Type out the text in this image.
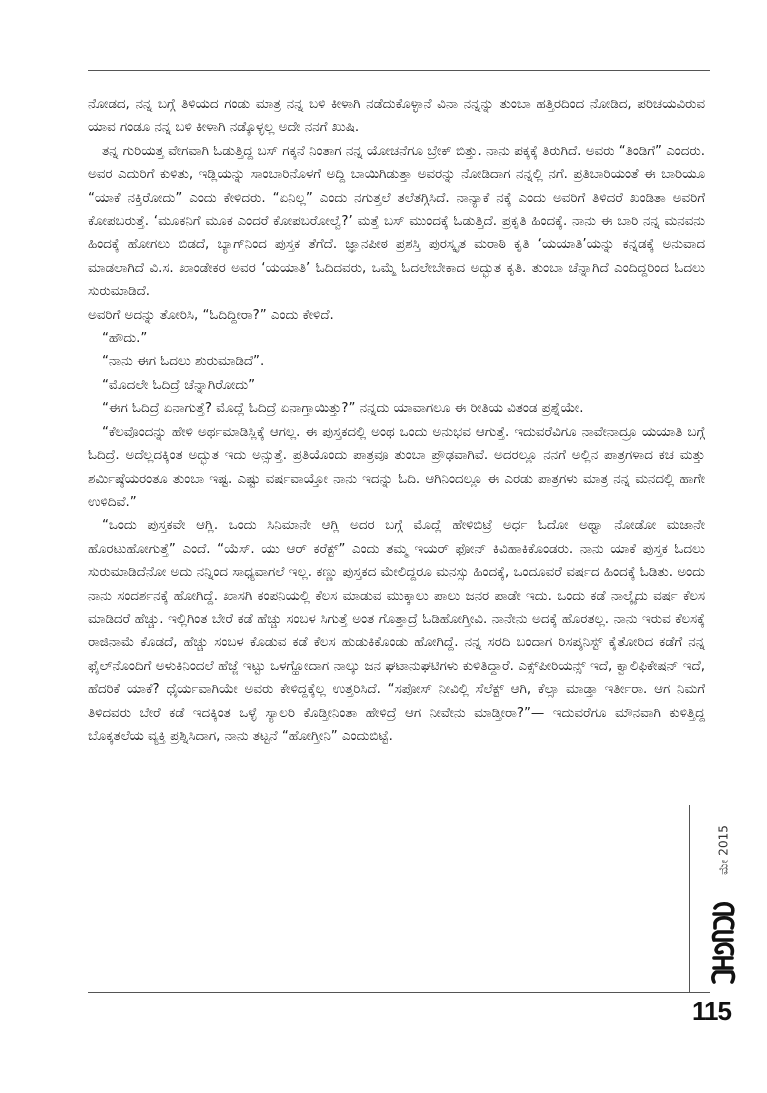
ನೋಡದ, ನನ್ನ ಬಗ್ಗೆ ತಿಳಿಯದ ಗಂಡು ಮಾತ್ರ ನನ್ನ ಬಳಿ ಕೀಳಾಗಿ ನಡೆದುಕೊಳ್ಳಾನೆ ವಿನಾ ನನ್ನನ್ನು ತುಂಬಾ ಹತ್ತಿರದಿಂದ ನೋಡಿದ, ಪರಿಚಯವಿರುವ ಯಾವ ಗಂಡೂ ನನ್ನ ಬಳಿ ಕೀಳಾಗಿ ನಡ್ಕೊಳ್ಳಲ್ಲ ಅದೇ ನನಗೆ ಖುಷಿ.

ತನ್ನ ಗುರಿಯತ್ತ ವೇಗವಾಗಿ ಓಡುತ್ತಿದ್ದ ಬಸ್ ಗಕ್ಕನೆ ನಿಂತಾಗ ನನ್ನ ಯೋಚನೆಗೂ ಬ್ರೇಕ್ ಬಿತ್ತು. ನಾನು ಪಕ್ಕಕ್ಕೆ ತಿರುಗಿದೆ. ಅವರು “ತಿಂಡಿಗೆ” ಎಂದರು. ಅವರ ಎದುರಿಗೆ ಕುಳಿತು, ಇಡ್ಲಿಯನ್ನು ಸಾಂಬಾರಿನೊಳಗೆ ಅದ್ದಿ ಬಾಯಿಗಿಡುತ್ತಾ ಅವರನ್ನು ನೋಡಿದಾಗ ನನ್ನಲ್ಲಿ ನಗೆ. ಪ್ರತಿಬಾರಿಯಂತೆ ಈ ಬಾರಿಯೂ “ಯಾಕೆ ನಕ್ತಿರೋದು” ಎಂದು ಕೇಳಿದರು. “ಏನಿಲ್ಲ” ಎಂದು ನಗುತ್ತಲೆ ತಲೆತಗ್ಗಿಸಿದೆ. ನಾನ್ಯಾಕೆ ನಕ್ಕೆ ಎಂದು ಅವರಿಗೆ ತಿಳಿದರೆ ಖಂಡಿತಾ ಅವರಿಗೆ ಕೋಪಬರುತ್ತೆ. ‘ಮೂಕನಿಗೆ ಮೂಕ ಎಂದರೆ ಕೋಪಬರೋಲ್ವೆ?’ ಮತ್ತೆ ಬಸ್ ಮುಂದಕ್ಕೆ ಓಡುತ್ತಿದೆ. ಪ್ರಕೃತಿ ಹಿಂದಕ್ಕೆ. ನಾನು ಈ ಬಾರಿ ನನ್ನ ಮನವನು ಹಿಂದಕ್ಕೆ ಹೋಗಲು ಬಿಡದೆ, ಬ್ಯಾಗ್‌ನಿಂದ ಪುಸ್ತಕ ತೆಗೆದೆ. ಜ್ಞಾನಪೀಠ ಪ್ರಶಸ್ತಿ ಪುರಸ್ಕೃತ ಮರಾಠಿ ಕೃತಿ ‘ಯಯಾತಿ’ಯನ್ನು ಕನ್ನಡಕ್ಕೆ ಅನುವಾದ ಮಾಡಲಾಗಿದೆ ವಿ.ಸ. ಖಾಂಡೇಕರ ಅವರ ‘ಯಯಾತಿ’ ಓದಿದವರು, ಒಮ್ಮೆ ಓದಲೇಬೇಕಾದ ಅದ್ಭುತ ಕೃತಿ. ತುಂಬಾ ಚೆನ್ನಾಗಿದೆ ಎಂದಿದ್ದರಿಂದ ಓದಲು ಸುರುಮಾಡಿದೆ.

ಅವರಿಗೆ ಅದನ್ನು ತೋರಿಸಿ, “ಓದಿದ್ದೀರಾ?” ಎಂದು ಕೇಳಿದೆ.

“ಹೌದು.”

“ನಾನು ಈಗ ಓದಲು ಶುರುಮಾಡಿದೆ”.

“ಮೊದಲೇ ಓದಿದ್ರೆ ಚೆನ್ನಾಗಿರೋದು”

“ಈಗ ಓದಿದ್ರೆ ಏನಾಗುತ್ತೆ? ಮೊದ್ಲೆ ಓದಿದ್ರೆ ಏನಾಗ್ತಾಯಿತ್ತು?” ನನ್ನದು ಯಾವಾಗಲೂ ಈ ರೀತಿಯ ವಿತಂಡ ಪ್ರಶ್ನೆಯೇ.

“ಕೆಲವೊಂದನ್ನು ಹೇಳಿ ಅರ್ಥಮಾಡಿಸ್ಲಿಕ್ಕೆ ಆಗಲ್ಲ. ಈ ಪುಸ್ತಕದಲ್ಲಿ ಅಂಥ ಒಂದು ಅನುಭವ ಆಗುತ್ತೆ. ಇದುವರೆವಿಗೂ ನಾವೇನಾದ್ರೂ ಯಯಾತಿ ಬಗ್ಗೆ ಓದಿದ್ರೆ. ಅದೆಲ್ಲದಕ್ಕಿಂತ ಅದ್ಭುತ ಇದು ಅನ್ಸುತ್ತೆ. ಪ್ರತಿಯೊಂದು ಪಾತ್ರವೂ ತುಂಬಾ ಪ್ರೌಢವಾಗಿವೆ. ಅದರಲ್ಲೂ ನನಗೆ ಅಲ್ಲಿನ ಪಾತ್ರಗಳಾದ ಕಚ ಮತ್ತು ಶರ್ಮಿಷ್ಠೆಯರಂತೂ ತುಂಬಾ ಇಷ್ಟ. ಎಷ್ಟು ವರ್ಷವಾಯ್ತೋ ನಾನು ಇದನ್ನು ಓದಿ. ಆಗಿನಿಂದಲ್ಲೂ ಈ ಎರಡು ಪಾತ್ರಗಳು ಮಾತ್ರ ನನ್ನ ಮನದಲ್ಲಿ ಹಾಗೇ ಉಳಿದಿವೆ.”

“ಒಂದು ಪುಸ್ತಕವೇ ಆಗ್ಲಿ. ಒಂದು ಸಿನಿಮಾನೇ ಆಗ್ಲಿ ಅದರ ಬಗ್ಗೆ ಮೊದ್ಲೆ ಹೇಳಿಬಿಟ್ರೆ ಅರ್ಧ ಓದೋ ಅಥ್ವಾ ನೋಡೋ ಮಜಾನೇ ಹೊರಟುಹೋಗುತ್ತೆ” ಎಂದೆ. “ಯೆಸ್. ಯು ಆರ್ ಕರೆಕ್ಟ್” ಎಂದು ತಮ್ಮ ಇಯರ್ ಫೋನ್ ಕಿವಿಹಾಕಿಕೊಂಡರು. ನಾನು ಯಾಕೆ ಪುಸ್ತಕ ಓದಲು ಸುರುಮಾಡಿದೆನೋ ಅದು ನನ್ನಿಂದ ಸಾಧ್ಯವಾಗಲೆ ಇಲ್ಲ. ಕಣ್ಣು ಪುಸ್ತಕದ ಮೇಲಿದ್ದರೂ ಮನಸ್ಸು ಹಿಂದಕ್ಕೆ, ಒಂದೂವರೆ ವರ್ಷದ ಹಿಂದಕ್ಕೆ ಓಡಿತು. ಅಂದು ನಾನು ಸಂದರ್ಶನಕ್ಕೆ ಹೋಗಿದ್ದೆ. ಖಾಸಗಿ ಕಂಪನಿಯಲ್ಲಿ ಕೆಲಸ ಮಾಡುವ ಮುಕ್ಕಾಲು ಪಾಲು ಜನರ ಪಾಡೇ ಇದು. ಒಂದು ಕಡೆ ನಾಲ್ಕೈದು ವರ್ಷ ಕೆಲಸ ಮಾಡಿದರೆ ಹೆಚ್ಚು. ಇಲ್ಲಿಗಿಂತ ಬೇರೆ ಕಡೆ ಹೆಚ್ಚು ಸಂಬಳ ಸಿಗುತ್ತೆ ಅಂತ ಗೊತ್ತಾದ್ರೆ ಓಡಿಹೋಗ್ತೀವಿ. ನಾನೇನು ಅದಕ್ಕೆ ಹೊರತಲ್ಲ. ನಾನು ಇರುವ ಕೆಲಸಕ್ಕೆ ರಾಜಿನಾಮೆ ಕೊಡದೆ, ಹೆಚ್ಚು ಸಂಬಳ ಕೊಡುವ ಕಡೆ ಕೆಲಸ ಹುಡುಕಿಕೊಂಡು ಹೋಗಿದ್ದೆ. ನನ್ನ ಸರದಿ ಬಂದಾಗ ರಿಸಪ್ಶನಿಸ್ಟ್ ಕೈತೋರಿದ ಕಡೆಗೆ ನನ್ನ ಫೈಲ್‌ನೊಂದಿಗೆ ಅಳುಕಿನಿಂದಲೆ ಹೆಜ್ಜೆ ಇಟ್ಟು ಒಳಗ್ಹೋದಾಗ ನಾಲ್ಕು ಜನ ಘಟಾನುಘಟಿಗಳು ಕುಳಿತಿದ್ದಾರೆ. ಎಕ್ಸ್‌ಪೀರಿಯನ್ಸ್ ಇದೆ, ಕ್ವಾಲಿಫಿಕೇಷನ್ ಇದೆ, ಹೆದರಿಕೆ ಯಾಕೆ? ಧೈರ್ಯವಾಗಿಯೇ ಅವರು ಕೇಳಿದ್ದಕ್ಕೆಲ್ಲ ಉತ್ತರಿಸಿದೆ. “ಸಪೋಸ್ ನೀವಿಲ್ಲಿ ಸೆಲೆಕ್ಟ್ ಆಗಿ, ಕೆಲ್ಸಾ ಮಾಡ್ತಾ ಇರ್ತೀರಾ. ಆಗ ನಿಮಗೆ ತಿಳಿದವರು ಬೇರೆ ಕಡೆ ಇದಕ್ಕಿಂತ ಒಳ್ಳೆ ಸ್ಯಾಲರಿ ಕೊಡ್ತೀನಿಂತಾ ಹೇಳಿದ್ರೆ ಆಗ ನೀವೇನು ಮಾಡ್ತೀರಾ?”— ಇದುವರೆಗೂ ಮೌನವಾಗಿ ಕುಳಿತ್ತಿದ್ದ ಬೊಕ್ಕತಲೆಯ ವ್ಯಕ್ತಿ ಪ್ರಶ್ನಿಸಿದಾಗ, ನಾನು ತಟ್ಟನೆ “ಹೋಗ್ತೀನಿ” ಎಂದುಬಿಟ್ಟೆ.

ಮೇ 2015
115
